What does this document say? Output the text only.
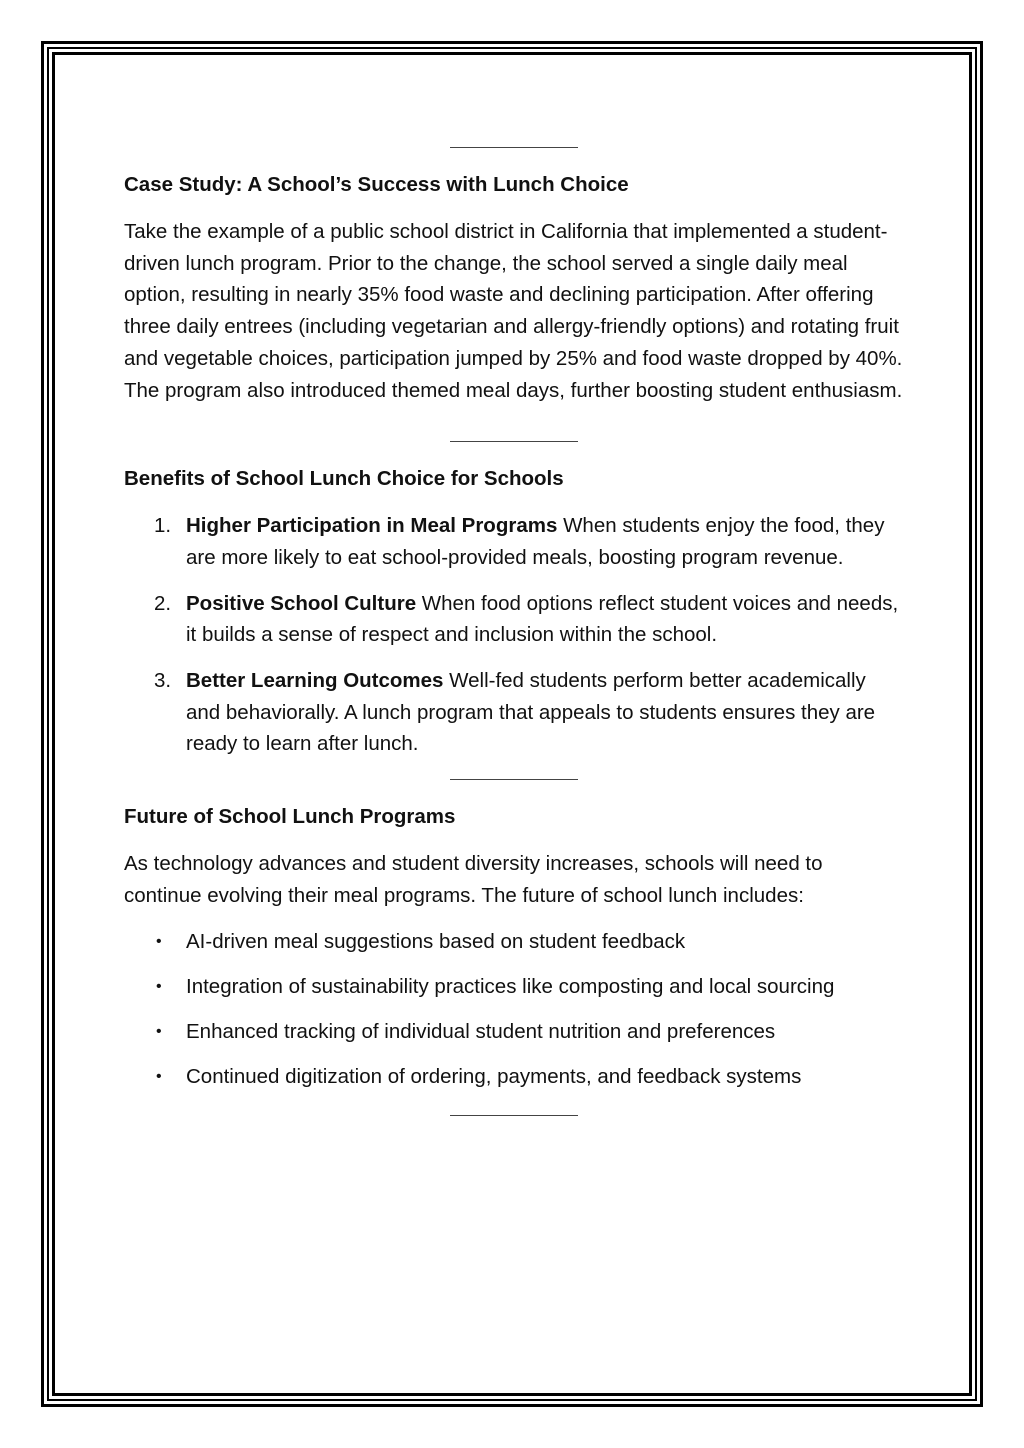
Case Study: A School’s Success with Lunch Choice

Take the example of a public school district in California that implemented a student-driven lunch program. Prior to the change, the school served a single daily meal option, resulting in nearly 35% food waste and declining participation. After offering three daily entrees (including vegetarian and allergy-friendly options) and rotating fruit and vegetable choices, participation jumped by 25% and food waste dropped by 40%. The program also introduced themed meal days, further boosting student enthusiasm.

Benefits of School Lunch Choice for Schools
1. Higher Participation in Meal Programs When students enjoy the food, they are more likely to eat school-provided meals, boosting program revenue.
2. Positive School Culture When food options reflect student voices and needs, it builds a sense of respect and inclusion within the school.
3. Better Learning Outcomes Well-fed students perform better academically and behaviorally. A lunch program that appeals to students ensures they are ready to learn after lunch.
Future of School Lunch Programs

As technology advances and student diversity increases, schools will need to continue evolving their meal programs. The future of school lunch includes:

• AI-driven meal suggestions based on student feedback
• Integration of sustainability practices like composting and local sourcing
• Enhanced tracking of individual student nutrition and preferences
• Continued digitization of ordering, payments, and feedback systems
